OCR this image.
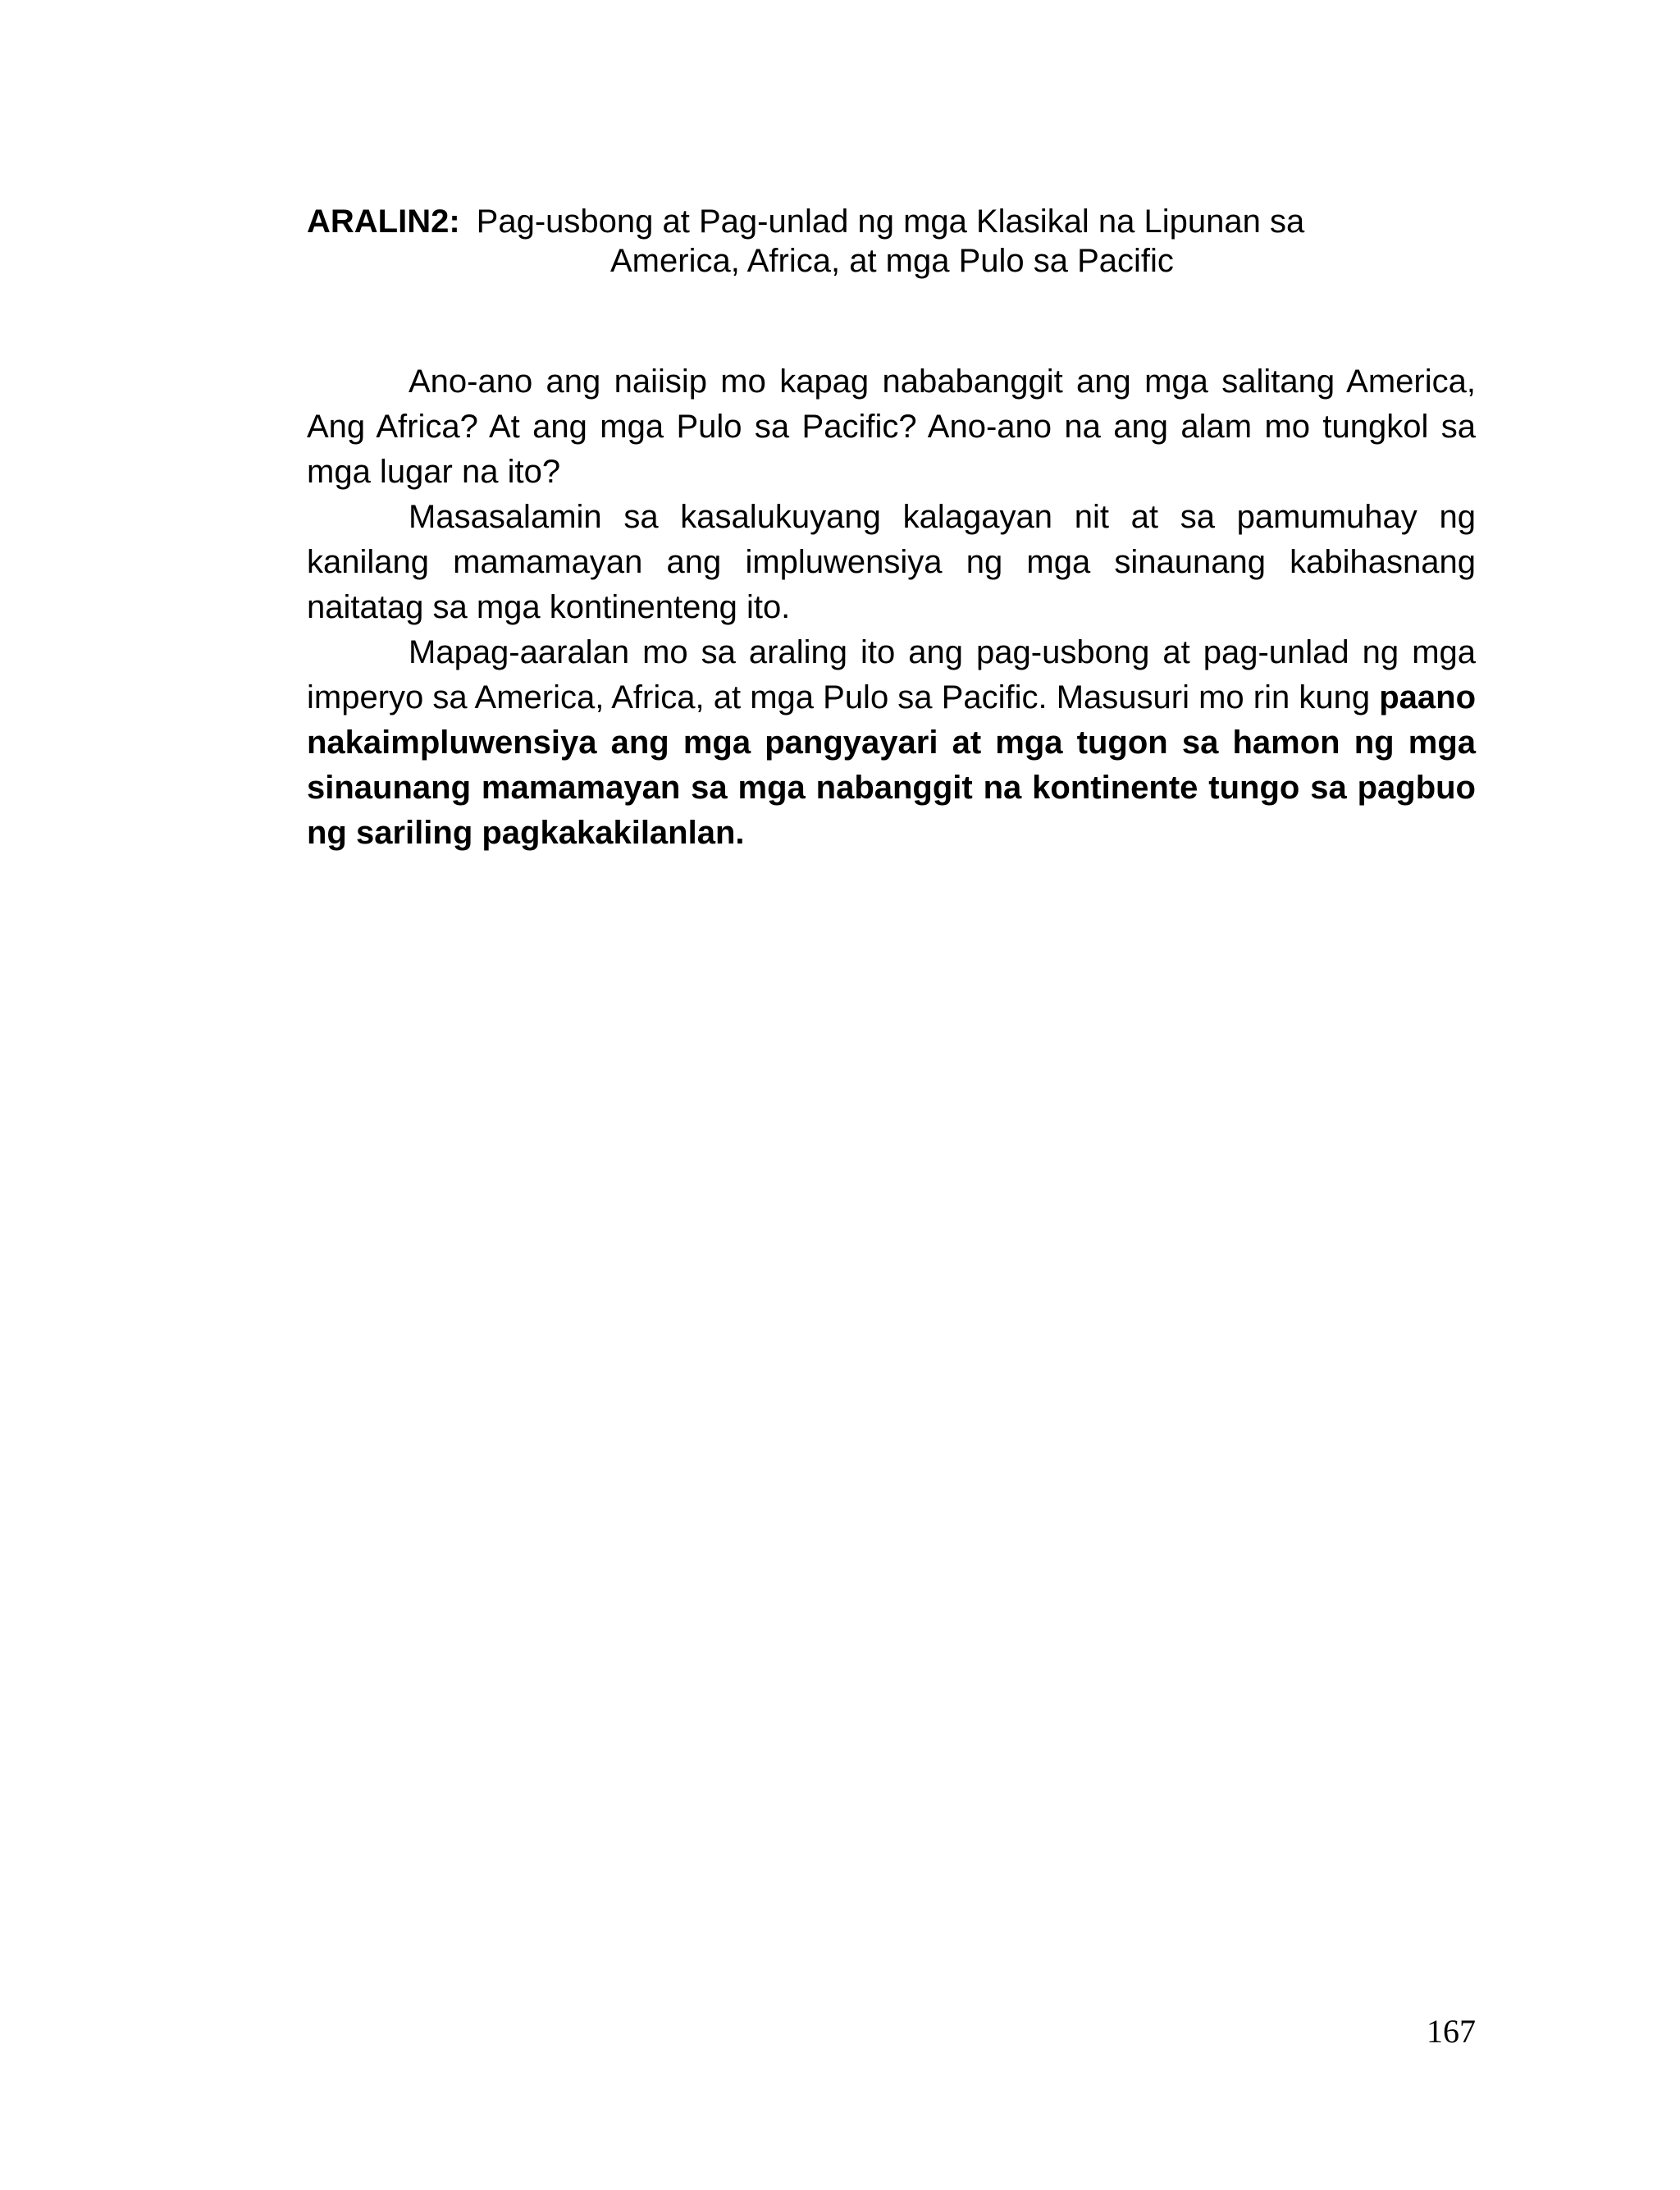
ARALIN2: Pag-usbong at Pag-unlad ng mga Klasikal na Lipunan sa
America, Africa, at mga Pulo sa Pacific

Ano-ano ang naiisip mo kapag nababanggit ang mga salitang America, Ang Africa? At ang mga Pulo sa Pacific? Ano-ano na ang alam mo tungkol sa mga lugar na ito?

Masasalamin sa kasalukuyang kalagayan nit at sa pamumuhay ng kanilang mamamayan ang impluwensiya ng mga sinaunang kabihasnang naitatag sa mga kontinenteng ito.

Mapag-aaralan mo sa araling ito ang pag-usbong at pag-unlad ng mga imperyo sa America, Africa, at mga Pulo sa Pacific. Masusuri mo rin kung paano nakaimpluwensiya ang mga pangyayari at mga tugon sa hamon ng mga sinaunang mamamayan sa mga nabanggit na kontinente tungo sa pagbuo ng sariling pagkakakilanlan.

167
